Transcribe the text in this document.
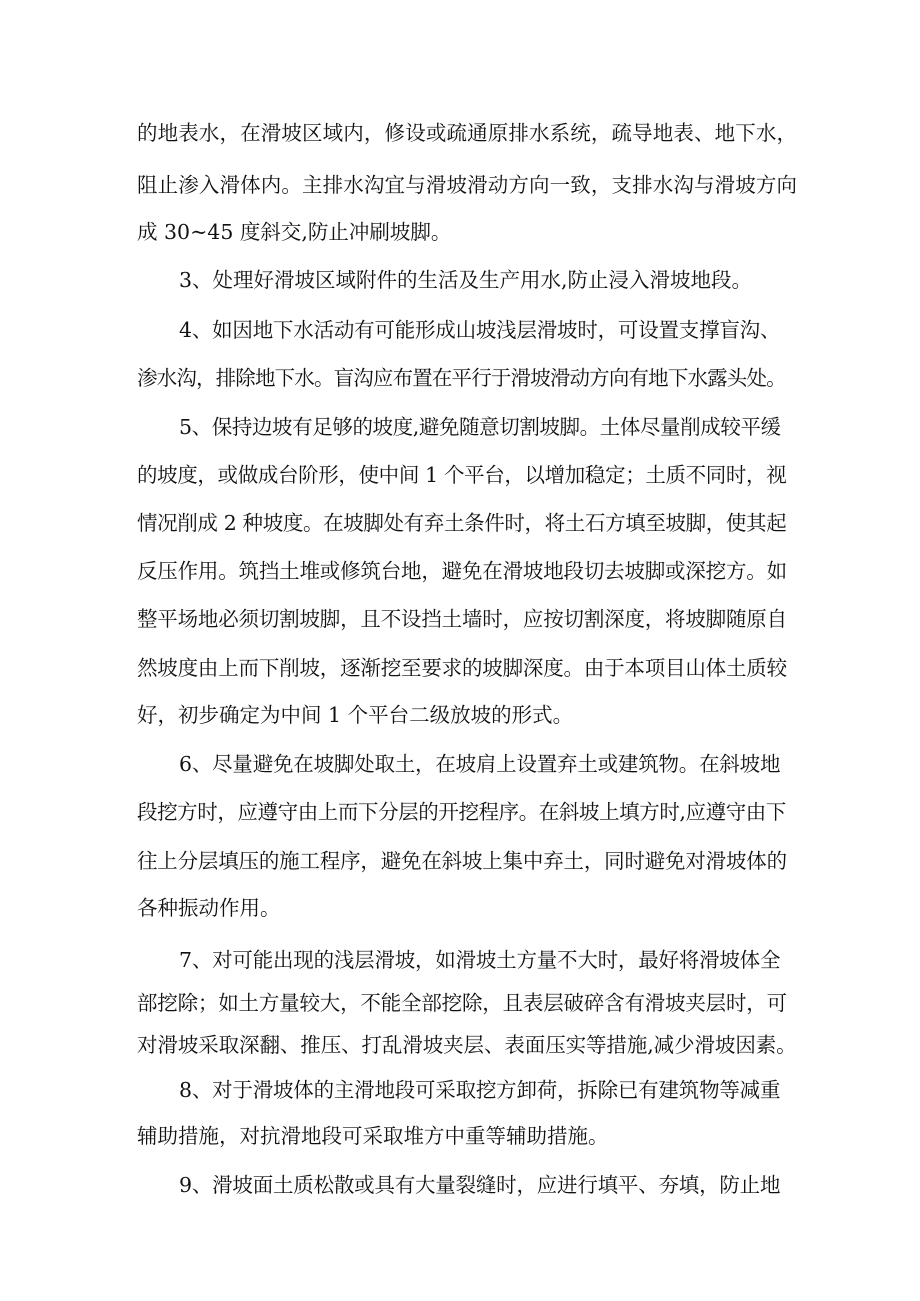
的地表水，在滑坡区域内，修设或疏通原排水系统，疏导地表、地下水，
阻止渗入滑体内。主排水沟宜与滑坡滑动方向一致，支排水沟与滑坡方向
成 30~45 度斜交,防止冲刷坡脚。
3、处理好滑坡区域附件的生活及生产用水,防止浸入滑坡地段。
4、如因地下水活动有可能形成山坡浅层滑坡时，可设置支撑盲沟、
渗水沟，排除地下水。盲沟应布置在平行于滑坡滑动方向有地下水露头处。
5、保持边坡有足够的坡度,避免随意切割坡脚。土体尽量削成较平缓
的坡度，或做成台阶形，使中间 1 个平台，以增加稳定；土质不同时，视
情况削成 2 种坡度。在坡脚处有弃土条件时，将土石方填至坡脚，使其起
反压作用。筑挡土堆或修筑台地，避免在滑坡地段切去坡脚或深挖方。如
整平场地必须切割坡脚，且不设挡土墙时，应按切割深度，将坡脚随原自
然坡度由上而下削坡，逐渐挖至要求的坡脚深度。由于本项目山体土质较
好，初步确定为中间 1 个平台二级放坡的形式。
6、尽量避免在坡脚处取土，在坡肩上设置弃土或建筑物。在斜坡地
段挖方时，应遵守由上而下分层的开挖程序。在斜坡上填方时,应遵守由下
往上分层填压的施工程序，避免在斜坡上集中弃土，同时避免对滑坡体的
各种振动作用。
7、对可能出现的浅层滑坡，如滑坡土方量不大时，最好将滑坡体全
部挖除；如土方量较大，不能全部挖除，且表层破碎含有滑坡夹层时，可
对滑坡采取深翻、推压、打乱滑坡夹层、表面压实等措施,减少滑坡因素。
8、对于滑坡体的主滑地段可采取挖方卸荷，拆除已有建筑物等减重
辅助措施，对抗滑地段可采取堆方中重等辅助措施。
9、滑坡面土质松散或具有大量裂缝时，应进行填平、夯填，防止地
